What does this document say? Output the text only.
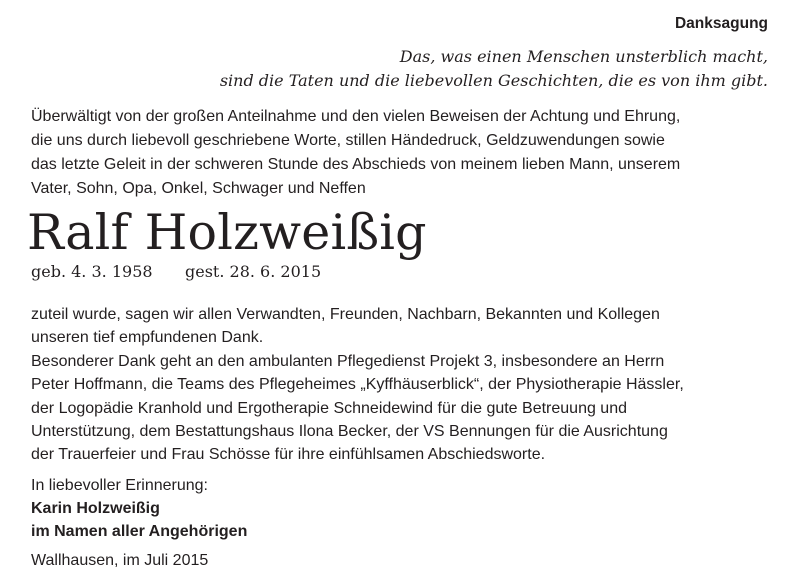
Danksagung
Das, was einen Menschen unsterblich macht,
sind die Taten und die liebevollen Geschichten, die es von ihm gibt.
Überwältigt von der großen Anteilnahme und den vielen Beweisen der Achtung und Ehrung,
die uns durch liebevoll geschriebene Worte, stillen Händedruck, Geldzuwendungen sowie
das letzte Geleit in der schweren Stunde des Abschieds von meinem lieben Mann, unserem
Vater, Sohn, Opa, Onkel, Schwager und Neffen
Ralf Holzweißig
geb. 4. 3. 1958 gest. 28. 6. 2015
zuteil wurde, sagen wir allen Verwandten, Freunden, Nachbarn, Bekannten und Kollegen
unseren tief empfundenen Dank.
Besonderer Dank geht an den ambulanten Pflegedienst Projekt 3, insbesondere an Herrn
Peter Hoffmann, die Teams des Pflegeheimes „Kyffhäuserblick“, der Physiotherapie Hässler,
der Logopädie Kranhold und Ergotherapie Schneidewind für die gute Betreuung und
Unterstützung, dem Bestattungshaus Ilona Becker, der VS Bennungen für die Ausrichtung
der Trauerfeier und Frau Schösse für ihre einfühlsamen Abschiedsworte.
In liebevoller Erinnerung:
Karin Holzweißig
im Namen aller Angehörigen
Wallhausen, im Juli 2015
